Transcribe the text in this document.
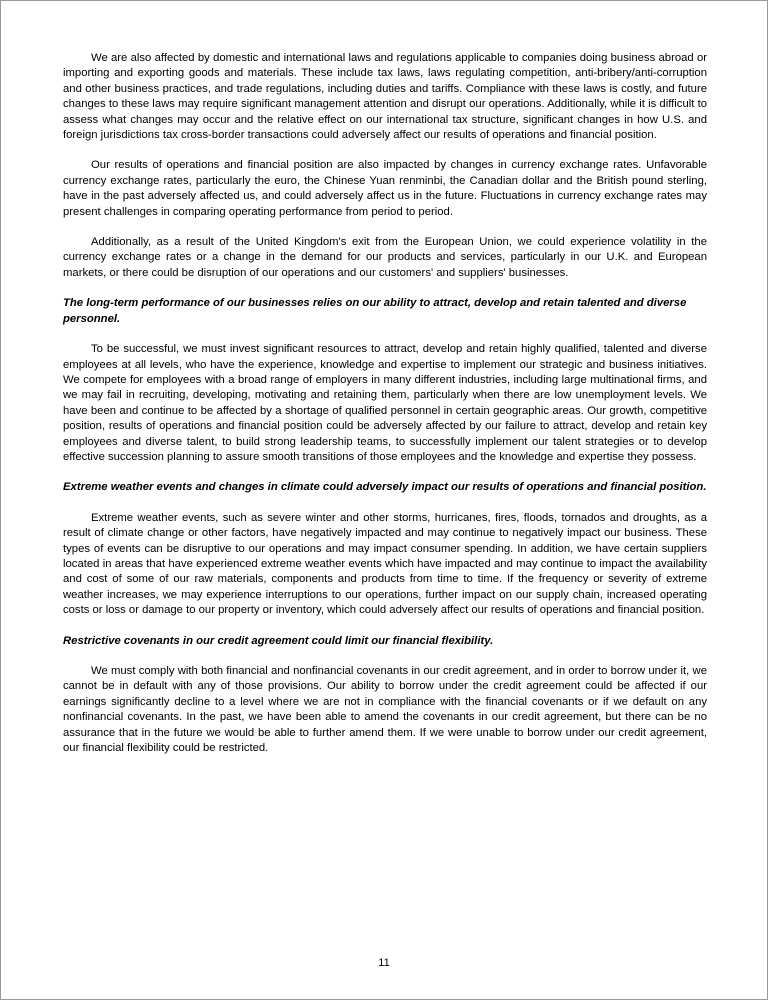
We are also affected by domestic and international laws and regulations applicable to companies doing business abroad or importing and exporting goods and materials. These include tax laws, laws regulating competition, anti-bribery/anti-corruption and other business practices, and trade regulations, including duties and tariffs. Compliance with these laws is costly, and future changes to these laws may require significant management attention and disrupt our operations. Additionally, while it is difficult to assess what changes may occur and the relative effect on our international tax structure, significant changes in how U.S. and foreign jurisdictions tax cross-border transactions could adversely affect our results of operations and financial position.

Our results of operations and financial position are also impacted by changes in currency exchange rates. Unfavorable currency exchange rates, particularly the euro, the Chinese Yuan renminbi, the Canadian dollar and the British pound sterling, have in the past adversely affected us, and could adversely affect us in the future. Fluctuations in currency exchange rates may present challenges in comparing operating performance from period to period.

Additionally, as a result of the United Kingdom's exit from the European Union, we could experience volatility in the currency exchange rates or a change in the demand for our products and services, particularly in our U.K. and European markets, or there could be disruption of our operations and our customers' and suppliers' businesses.

The long-term performance of our businesses relies on our ability to attract, develop and retain talented and diverse personnel.

To be successful, we must invest significant resources to attract, develop and retain highly qualified, talented and diverse employees at all levels, who have the experience, knowledge and expertise to implement our strategic and business initiatives. We compete for employees with a broad range of employers in many different industries, including large multinational firms, and we may fail in recruiting, developing, motivating and retaining them, particularly when there are low unemployment levels. We have been and continue to be affected by a shortage of qualified personnel in certain geographic areas. Our growth, competitive position, results of operations and financial position could be adversely affected by our failure to attract, develop and retain key employees and diverse talent, to build strong leadership teams, to successfully implement our talent strategies or to develop effective succession planning to assure smooth transitions of those employees and the knowledge and expertise they possess.

Extreme weather events and changes in climate could adversely impact our results of operations and financial position.

Extreme weather events, such as severe winter and other storms, hurricanes, fires, floods, tornados and droughts, as a result of climate change or other factors, have negatively impacted and may continue to negatively impact our business. These types of events can be disruptive to our operations and may impact consumer spending. In addition, we have certain suppliers located in areas that have experienced extreme weather events which have impacted and may continue to impact the availability and cost of some of our raw materials, components and products from time to time. If the frequency or severity of extreme weather increases, we may experience interruptions to our operations, further impact on our supply chain, increased operating costs or loss or damage to our property or inventory, which could adversely affect our results of operations and financial position.

Restrictive covenants in our credit agreement could limit our financial flexibility.

We must comply with both financial and nonfinancial covenants in our credit agreement, and in order to borrow under it, we cannot be in default with any of those provisions. Our ability to borrow under the credit agreement could be affected if our earnings significantly decline to a level where we are not in compliance with the financial covenants or if we default on any nonfinancial covenants. In the past, we have been able to amend the covenants in our credit agreement, but there can be no assurance that in the future we would be able to further amend them. If we were unable to borrow under our credit agreement, our financial flexibility could be restricted.

11
